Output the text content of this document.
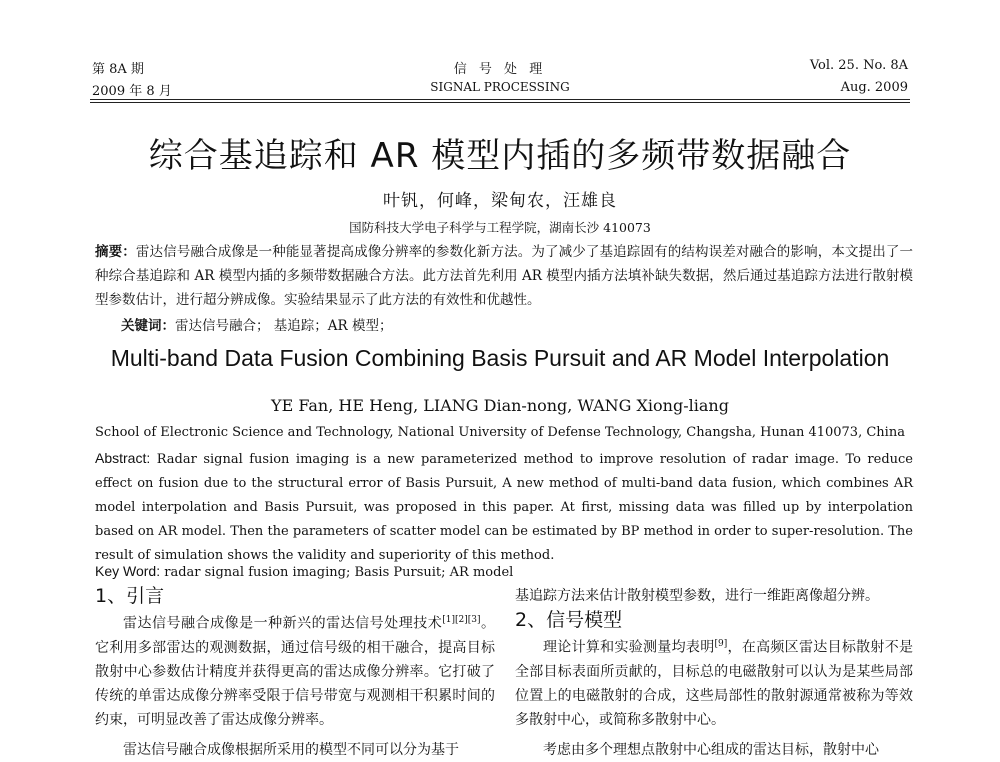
第 8A 期
2009 年 8 月
信 号 处 理
SIGNAL PROCESSING
Vol. 25. No. 8A
Aug. 2009
综合基追踪和 AR 模型内插的多频带数据融合
叶钒，何峰，梁甸农，汪雄良
国防科技大学电子科学与工程学院，湖南长沙 410073
摘要：雷达信号融合成像是一种能显著提高成像分辨率的参数化新方法。为了减少了基追踪固有的结构误差对融合的影响，本文提出了一种综合基追踪和 AR 模型内插的多频带数据融合方法。此方法首先利用 AR 模型内插方法填补缺失数据，然后通过基追踪方法进行散射模型参数估计，进行超分辨成像。实验结果显示了此方法的有效性和优越性。
关键词：雷达信号融合； 基追踪；AR 模型；
Multi-band Data Fusion Combining Basis Pursuit and AR Model Interpolation
YE Fan, HE Heng, LIANG Dian-nong, WANG Xiong-liang
School of Electronic Science and Technology, National University of Defense Technology, Changsha, Hunan 410073, China
Abstract: Radar signal fusion imaging is a new parameterized method to improve resolution of radar image. To reduce effect on fusion due to the structural error of Basis Pursuit, A new method of multi-band data fusion, which combines AR model interpolation and Basis Pursuit, was proposed in this paper. At first, missing data was filled up by interpolation based on AR model. Then the parameters of scatter model can be estimated by BP method in order to super-resolution. The result of simulation shows the validity and superiority of this method.
Key Word: radar signal fusion imaging; Basis Pursuit; AR model
1、引言
雷达信号融合成像是一种新兴的雷达信号处理技术[1][2][3]。它利用多部雷达的观测数据，通过信号级的相干融合，提高目标散射中心参数估计精度并获得更高的雷达成像分辨率。它打破了传统的单雷达成像分辨率受限于信号带宽与观测相干积累时间的约束，可明显改善了雷达成像分辨率。
雷达信号融合成像根据所采用的模型不同可以分为基于
基追踪方法来估计散射模型参数，进行一维距离像超分辨。
2、信号模型
理论计算和实验测量均表明[9]，在高频区雷达目标散射不是全部目标表面所贡献的，目标总的电磁散射可以认为是某些局部位置上的电磁散射的合成，这些局部性的散射源通常被称为等效多散射中心，或简称多散射中心。
考虑由多个理想点散射中心组成的雷达目标，散射中心
